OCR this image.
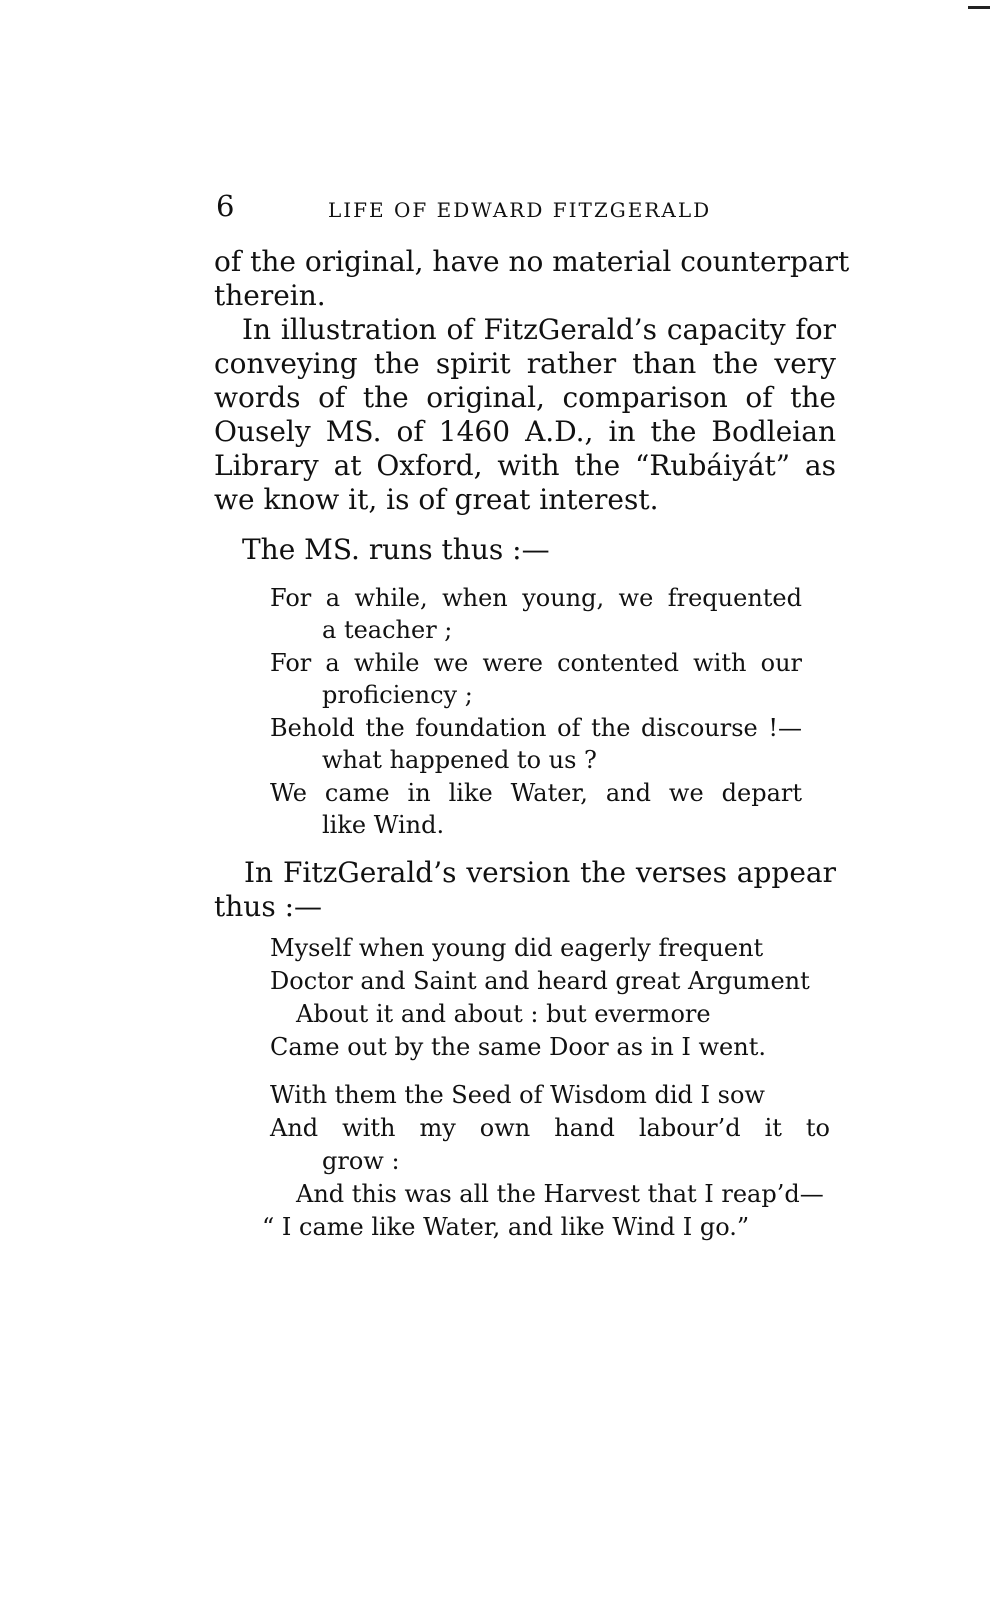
6	LIFE OF EDWARD FITZGERALD
of the original, have no material counterpart
therein.
In illustration of FitzGerald’s capacity for
conveying the spirit rather than the very
words of the original, comparison of the
Ousely MS. of 1460 A.D., in the Bodleian
Library at Oxford, with the “Rubáiyát” as
we know it, is of great interest.
The MS. runs thus :—
For a while, when young, we frequented
a teacher ;
For a while we were contented with our
proficiency ;
Behold the foundation of the discourse !—
what happened to us ?
We came in like Water, and we depart
like Wind.
In FitzGerald’s version the verses appear
thus :—
Myself when young did eagerly frequent
Doctor and Saint and heard great Argument
About it and about : but evermore
Came out by the same Door as in I went.
With them the Seed of Wisdom did I sow
And with my own hand labour’d it to
grow :
And this was all the Harvest that I reap’d—
“ I came like Water, and like Wind I go.”
